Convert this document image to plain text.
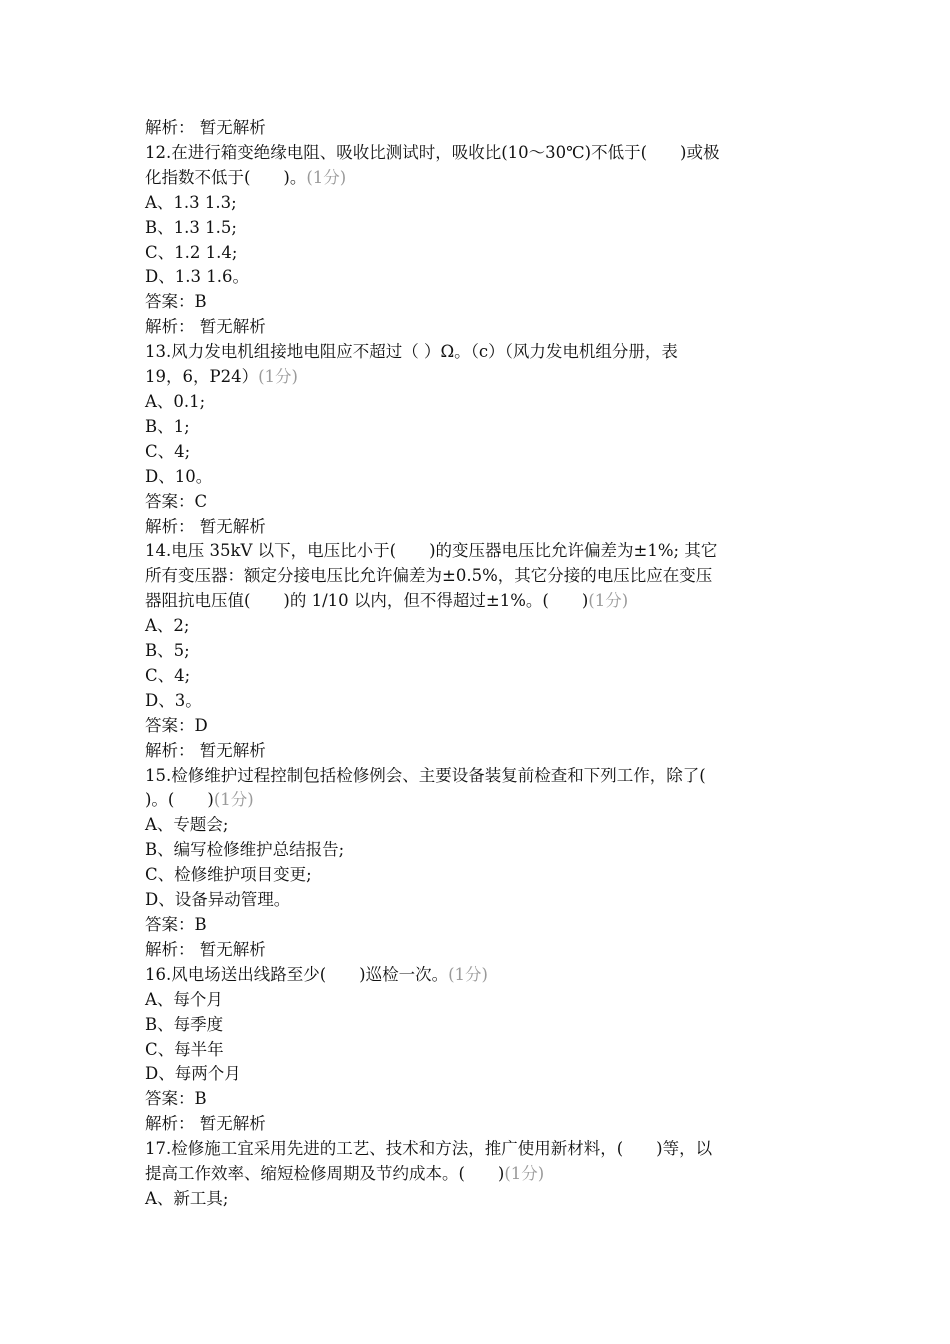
解析： 暂无解析

12.在进行箱变绝缘电阻、吸收比测试时，吸收比(10～30℃)不低于(　　)或极

化指数不低于(　　)。(1分)

A、1.3 1.3;

B、1.3 1.5;

C、1.2 1.4;

D、1.3 1.6。

答案：B

解析： 暂无解析

13.风力发电机组接地电阻应不超过（ ）Ω。（c）（风力发电机组分册，表

19，6，P24）(1分)

A、0.1;

B、1;

C、4;

D、10。

答案：C

解析： 暂无解析

14.电压 35kV 以下，电压比小于(　　)的变压器电压比允许偏差为±1%; 其它

所有变压器：额定分接电压比允许偏差为±0.5%，其它分接的电压比应在变压

器阻抗电压值(　　)的 1/10 以内，但不得超过±1%。(　　)(1分)

A、2;

B、5;

C、4;

D、3。

答案：D

解析： 暂无解析

15.检修维护过程控制包括检修例会、主要设备装复前检查和下列工作，除了(

)。(　　)(1分)

A、专题会;

B、编写检修维护总结报告;

C、检修维护项目变更;

D、设备异动管理。

答案：B

解析： 暂无解析

16.风电场送出线路至少(　　)巡检一次。(1分)

A、每个月

B、每季度

C、每半年

D、每两个月

答案：B

解析： 暂无解析

17.检修施工宜采用先进的工艺、技术和方法，推广使用新材料，(　　)等，以

提高工作效率、缩短检修周期及节约成本。(　　)(1分)

A、新工具;
